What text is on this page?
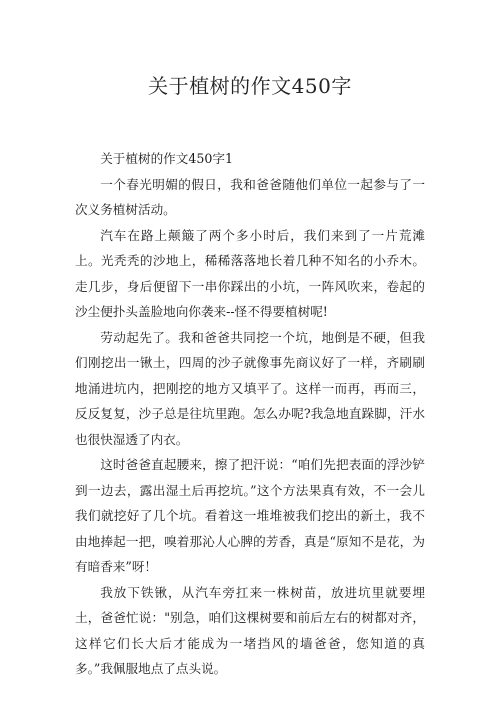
关于植树的作文450字

关于植树的作文450字1

一个春光明媚的假日，我和爸爸随他们单位一起参与了一次义务植树活动。

汽车在路上颠簸了两个多小时后，我们来到了一片荒滩上。光秃秃的沙地上，稀稀落落地长着几种不知名的小乔木。走几步，身后便留下一串你踩出的小坑，一阵风吹来，卷起的沙尘便扑头盖脸地向你袭来--怪不得要植树呢!

劳动起先了。我和爸爸共同挖一个坑，地倒是不硬，但我们刚挖出一锹土，四周的沙子就像事先商议好了一样，齐刷刷地涌进坑内，把刚挖的地方又填平了。这样一而再，再而三，反反复复，沙子总是往坑里跑。怎么办呢?我急地直跺脚，汗水也很快湿透了内衣。

这时爸爸直起腰来，擦了把汗说：“咱们先把表面的浮沙铲到一边去，露出湿土后再挖坑。”这个方法果真有效，不一会儿我们就挖好了几个坑。看着这一堆堆被我们挖出的新土，我不由地捧起一把，嗅着那沁人心脾的芳香，真是“原知不是花，为有暗香来”呀！

我放下铁锹，从汽车旁扛来一株树苗，放进坑里就要埋土，爸爸忙说："别急，咱们这棵树要和前后左右的树都对齐，这样它们长大后才能成为一堵挡风的墙爸爸，您知道的真多。”我佩服地点了点头说。
